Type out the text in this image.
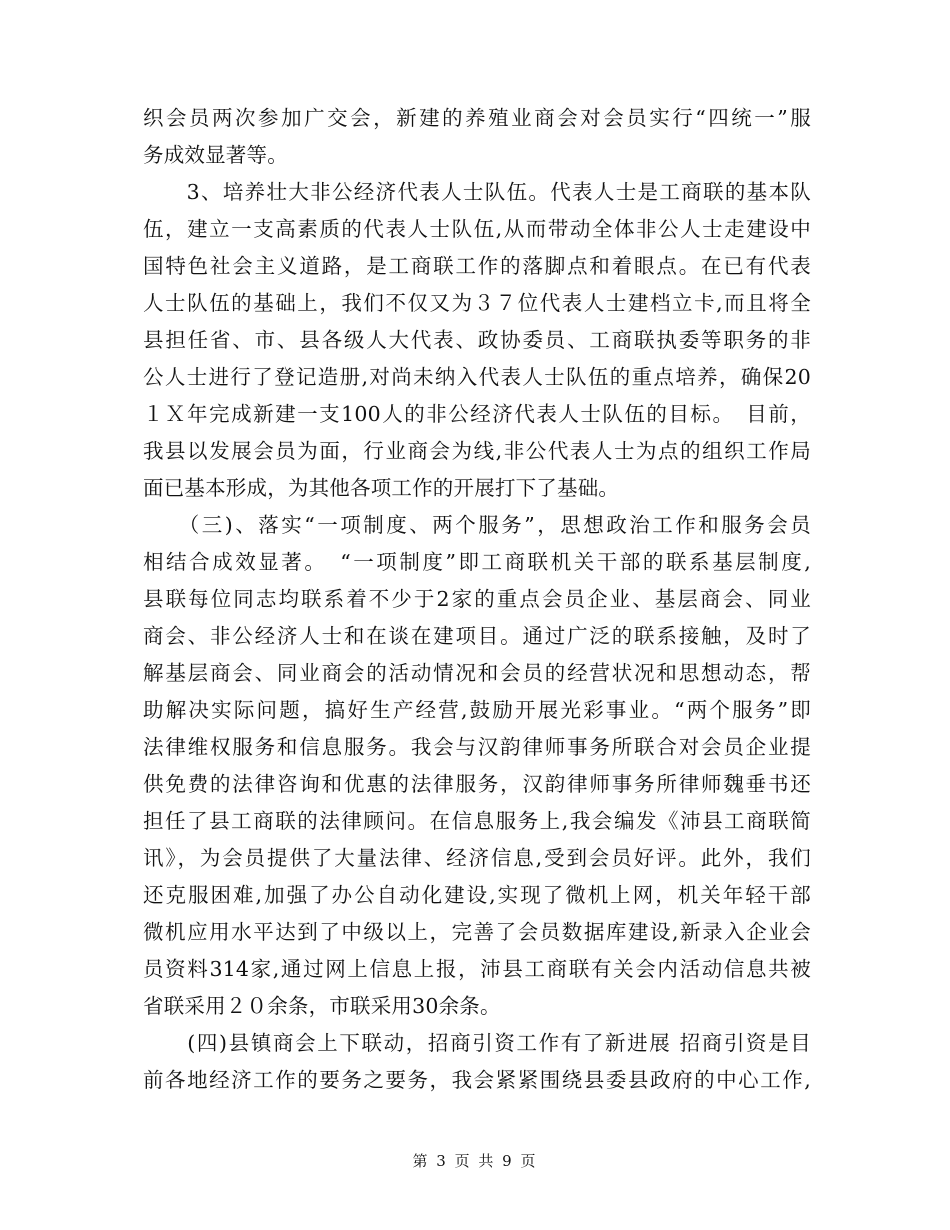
织会员两次参加广交会，新建的养殖业商会对会员实行“四统一”服
务成效显著等。
　　3、培养壮大非公经济代表人士队伍。代表人士是工商联的基本队
伍，建立一支高素质的代表人士队伍,从而带动全体非公人士走建设中
国特色社会主义道路，是工商联工作的落脚点和着眼点。在已有代表
人士队伍的基础上，我们不仅又为３７位代表人士建档立卡,而且将全
县担任省、市、县各级人大代表、政协委员、工商联执委等职务的非
公人士进行了登记造册,对尚未纳入代表人士队伍的重点培养，确保20
１Ｘ年完成新建一支100人的非公经济代表人士队伍的目标。　目前，
我县以发展会员为面，行业商会为线,非公代表人士为点的组织工作局
面已基本形成，为其他各项工作的开展打下了基础。
　　（三)、落实“一项制度、两个服务”，思想政治工作和服务会员
相结合成效显著。　“一项制度”即工商联机关干部的联系基层制度,
县联每位同志均联系着不少于2家的重点会员企业、基层商会、同业
商会、非公经济人士和在谈在建项目。通过广泛的联系接触，及时了
解基层商会、同业商会的活动情况和会员的经营状况和思想动态，帮
助解决实际问题，搞好生产经营,鼓励开展光彩事业。“两个服务”即
法律维权服务和信息服务。我会与汉韵律师事务所联合对会员企业提
供免费的法律咨询和优惠的法律服务，汉韵律师事务所律师魏垂书还
担任了县工商联的法律顾问。在信息服务上,我会编发《沛县工商联简
讯》，为会员提供了大量法律、经济信息,受到会员好评。此外，我们
还克服困难,加强了办公自动化建设,实现了微机上网，机关年轻干部
微机应用水平达到了中级以上，完善了会员数据库建设,新录入企业会
员资料314家,通过网上信息上报，沛县工商联有关会内活动信息共被
省联采用２０余条，市联采用30余条。
　　(四)县镇商会上下联动，招商引资工作有了新进展 招商引资是目
前各地经济工作的要务之要务，我会紧紧围绕县委县政府的中心工作,
第 3 页 共 9 页
